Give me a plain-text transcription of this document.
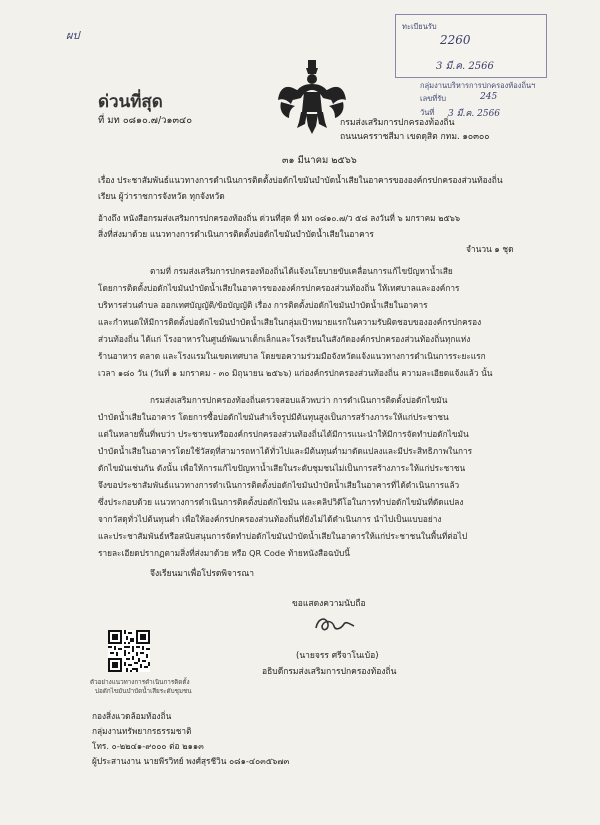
ผป
ทะเบียนรับ
2260
3 มี.ค. 2566
กลุ่มงานบริหารการปกครองท้องถิ่นฯ
เลขที่รับ	245
วันที่ 3 มี.ค. 2566
ด่วนที่สุด
ที่ มท ๐๘๑๐.๗/ว๑๓๔๐	กรมส่งเสริมการปกครองท้องถิ่น
ถนนนครราชสีมา เขตดุสิต กทม. ๑๐๓๐๐
๓๑ มีนาคม ๒๕๖๖
เรื่อง ประชาสัมพันธ์แนวทางการดำเนินการติดตั้งบ่อดักไขมันบำบัดน้ำเสียในอาคารขององค์กรปกครองส่วนท้องถิ่น
เรียน ผู้ว่าราชการจังหวัด ทุกจังหวัด
อ้างถึง หนังสือกรมส่งเสริมการปกครองท้องถิ่น ด่วนที่สุด ที่ มท ๐๘๑๐.๗/ว ๕๘ ลงวันที่ ๖ มกราคม ๒๕๖๖
สิ่งที่ส่งมาด้วย แนวทางการดำเนินการติดตั้งบ่อดักไขมันบำบัดน้ำเสียในอาคาร
จำนวน ๑ ชุด
ตามที่ กรมส่งเสริมการปกครองท้องถิ่นได้แจ้งนโยบายขับเคลื่อนการแก้ไขปัญหาน้ำเสีย
โดยการติดตั้งบ่อดักไขมันบำบัดน้ำเสียในอาคารขององค์กรปกครองส่วนท้องถิ่น ให้เทศบาลและองค์การ
บริหารส่วนตำบล ออกเทศบัญญัติ/ข้อบัญญัติ เรื่อง การติดตั้งบ่อดักไขมันบำบัดน้ำเสียในอาคาร
และกำหนดให้มีการติดตั้งบ่อดักไขมันบำบัดน้ำเสียในกลุ่มเป้าหมายแรกในความรับผิดชอบขององค์กรปกครอง
ส่วนท้องถิ่น ได้แก่ โรงอาหารในศูนย์พัฒนาเด็กเล็กและโรงเรียนในสังกัดองค์กรปกครองส่วนท้องถิ่นทุกแห่ง
ร้านอาหาร ตลาด และโรงแรมในเขตเทศบาล โดยขอความร่วมมือจังหวัดแจ้งแนวทางการดำเนินการระยะแรก
เวลา ๑๘๐ วัน (วันที่ ๑ มกราคม - ๓๐ มิถุนายน ๒๕๖๖) แก่องค์กรปกครองส่วนท้องถิ่น ความละเอียดแจ้งแล้ว นั้น
กรมส่งเสริมการปกครองท้องถิ่นตรวจสอบแล้วพบว่า การดำเนินการติดตั้งบ่อดักไขมัน
บำบัดน้ำเสียในอาคาร โดยการซื้อบ่อดักไขมันสำเร็จรูปมีต้นทุนสูงเป็นการสร้างภาระให้แก่ประชาชน
แต่ในหลายพื้นที่พบว่า ประชาชนหรือองค์กรปกครองส่วนท้องถิ่นได้มีการแนะนำให้มีการจัดทำบ่อดักไขมัน
บำบัดน้ำเสียในอาคารโดยใช้วัสดุที่สามารถหาได้ทั่วไปและมีต้นทุนต่ำมาดัดแปลงและมีประสิทธิภาพในการ
ดักไขมันเช่นกัน ดังนั้น เพื่อให้การแก้ไขปัญหาน้ำเสียในระดับชุมชนไม่เป็นการสร้างภาระให้แก่ประชาชน
จึงขอประชาสัมพันธ์แนวทางการดำเนินการติดตั้งบ่อดักไขมันบำบัดน้ำเสียในอาคารที่ได้ดำเนินการแล้ว
ซึ่งประกอบด้วย แนวทางการดำเนินการติดตั้งบ่อดักไขมัน และคลิปวิดีโอในการทำบ่อดักไขมันที่ดัดแปลง
จากวัสดุทั่วไปต้นทุนต่ำ เพื่อให้องค์กรปกครองส่วนท้องถิ่นที่ยังไม่ได้ดำเนินการ นำไปเป็นแบบอย่าง
และประชาสัมพันธ์หรือสนับสนุนการจัดทำบ่อดักไขมันบำบัดน้ำเสียในอาคารให้แก่ประชาชนในพื้นที่ต่อไป
รายละเอียดปรากฏตามสิ่งที่ส่งมาด้วย หรือ QR Code ท้ายหนังสือฉบับนี้
จึงเรียนมาเพื่อโปรดพิจารณา
ขอแสดงความนับถือ
(นายจรร ศรีจาโนเบ้อ)
อธิบดีกรมส่งเสริมการปกครองท้องถิ่น
ตัวอย่างแนวทางการดำเนินการติดตั้ง
บ่อดักไขมันบำบัดน้ำเสียระดับชุมชน
กองสิ่งแวดล้อมท้องถิ่น
กลุ่มงานทรัพยากรธรรมชาติ
โทร. ๐-๒๒๔๑-๙๐๐๐ ต่อ ๒๑๑๓
ผู้ประสานงาน นายพีรวิทย์ พงศ์สุรชีวิน ๐๘๑-๔๐๓๕๖๗๓
